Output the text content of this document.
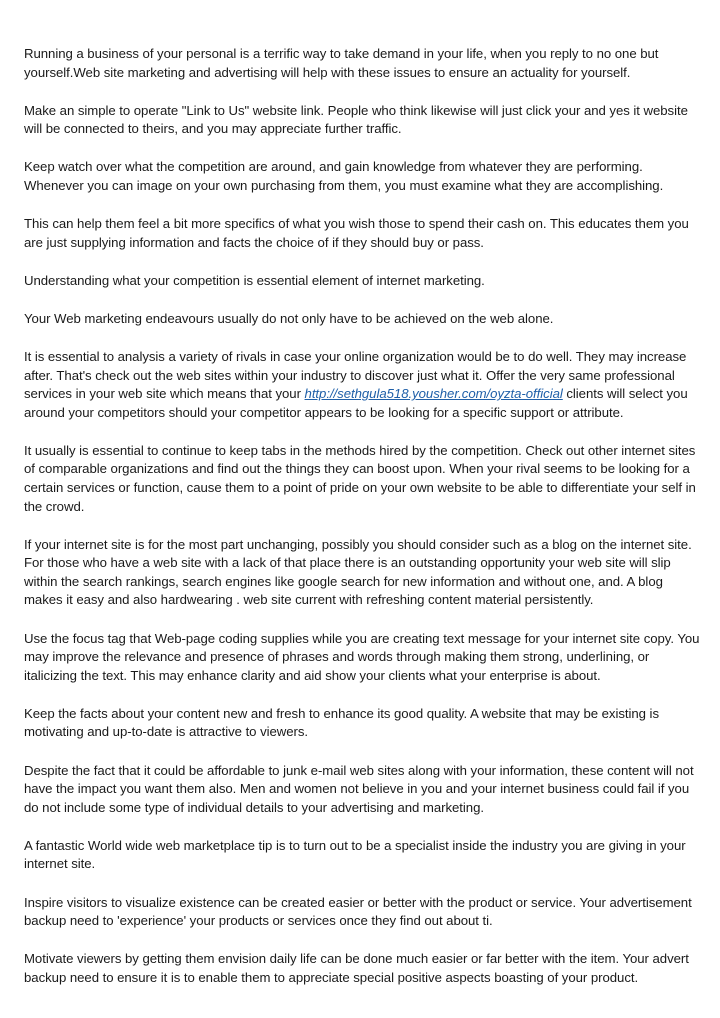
Running a business of your personal is a terrific way to take demand in your life, when you reply to no one but yourself.Web site marketing and advertising will help with these issues to ensure an actuality for yourself.

Make an simple to operate "Link to Us" website link. People who think likewise will just click your and yes it website will be connected to theirs, and you may appreciate further traffic.

Keep watch over what the competition are around, and gain knowledge from whatever they are performing. Whenever you can image on your own purchasing from them, you must examine what they are accomplishing.

This can help them feel a bit more specifics of what you wish those to spend their cash on. This educates them you are just supplying information and facts the choice of if they should buy or pass.

Understanding what your competition is essential element of internet marketing.

Your Web marketing endeavours usually do not only have to be achieved on the web alone.

It is essential to analysis a variety of rivals in case your online organization would be to do well. They may increase after. That's check out the web sites within your industry to discover just what it. Offer the very same professional services in your web site which means that your http://sethgula518.yousher.com/oyzta-official clients will select you around your competitors should your competitor appears to be looking for a specific support or attribute.

It usually is essential to continue to keep tabs in the methods hired by the competition. Check out other internet sites of comparable organizations and find out the things they can boost upon. When your rival seems to be looking for a certain services or function, cause them to a point of pride on your own website to be able to differentiate your self in the crowd.

If your internet site is for the most part unchanging, possibly you should consider such as a blog on the internet site. For those who have a web site with a lack of that place there is an outstanding opportunity your web site will slip within the search rankings, search engines like google search for new information and without one, and. A blog makes it easy and also hardwearing . web site current with refreshing content material persistently.

Use the focus tag that Web-page coding supplies while you are creating text message for your internet site copy. You may improve the relevance and presence of phrases and words through making them strong, underlining, or italicizing the text. This may enhance clarity and aid show your clients what your enterprise is about.

Keep the facts about your content new and fresh to enhance its good quality. A website that may be existing is motivating and up-to-date is attractive to viewers.

Despite the fact that it could be affordable to junk e-mail web sites along with your information, these content will not have the impact you want them also. Men and women not believe in you and your internet business could fail if you do not include some type of individual details to your advertising and marketing.

A fantastic World wide web marketplace tip is to turn out to be a specialist inside the industry you are giving in your internet site.

Inspire visitors to visualize existence can be created easier or better with the product or service. Your advertisement backup need to 'experience' your products or services once they find out about ti.

Motivate viewers by getting them envision daily life can be done much easier or far better with the item. Your advert backup need to ensure it is to enable them to appreciate special positive aspects boasting of your product.
